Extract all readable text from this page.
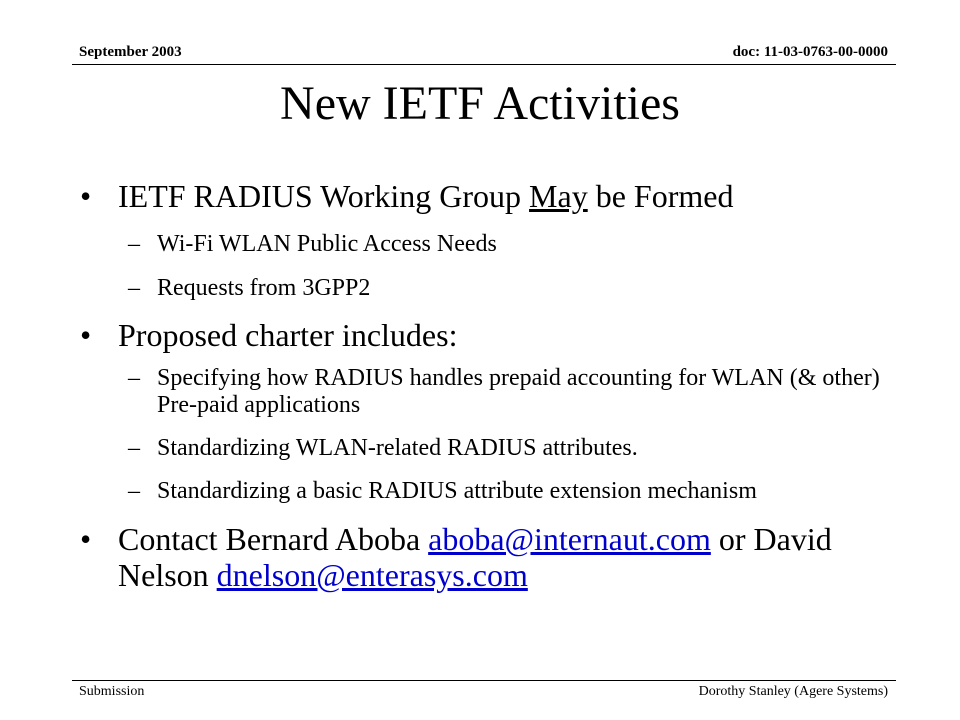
September 2003	doc: 11-03-0763-00-0000
New IETF Activities
• IETF RADIUS Working Group May be Formed
– Wi-Fi WLAN Public Access Needs
– Requests from 3GPP2
• Proposed charter includes:
– Specifying how RADIUS handles prepaid accounting for WLAN (& other) Pre-paid applications
– Standardizing WLAN-related RADIUS attributes.
– Standardizing a basic RADIUS attribute extension mechanism
• Contact Bernard Aboba aboba@internaut.com or David Nelson dnelson@enterasys.com
Submission	Dorothy Stanley (Agere Systems)
